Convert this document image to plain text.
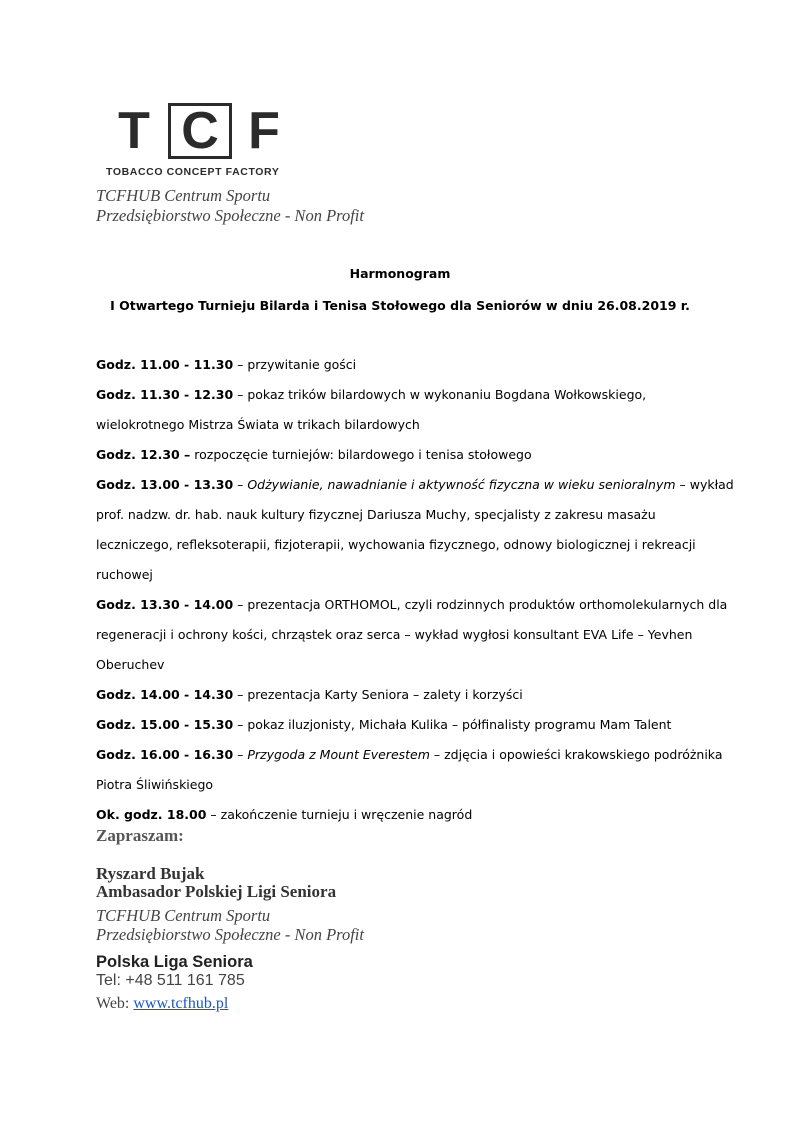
T C F
TOBACCO CONCEPT FACTORY
TCFHUB Centrum Sportu
Przedsiębiorstwo Społeczne - Non Profit
Harmonogram
I Otwartego Turnieju Bilarda i Tenisa Stołowego dla Seniorów w dniu 26.08.2019 r.

Godz. 11.00 - 11.30 – przywitanie gości

Godz. 11.30 - 12.30 – pokaz trików bilardowych w wykonaniu Bogdana Wołkowskiego, wielokrotnego Mistrza Świata w trikach bilardowych

Godz. 12.30 – rozpoczęcie turniejów: bilardowego i tenisa stołowego

Godz. 13.00 - 13.30 – Odżywianie, nawadnianie i aktywność fizyczna w wieku senioralnym – wykład prof. nadzw. dr. hab. nauk kultury fizycznej Dariusza Muchy, specjalisty z zakresu masażu leczniczego, refleksoterapii, fizjoterapii, wychowania fizycznego, odnowy biologicznej i rekreacji ruchowej

Godz. 13.30 - 14.00 – prezentacja ORTHOMOL, czyli rodzinnych produktów orthomolekularnych dla regeneracji i ochrony kości, chrząstek oraz serca – wykład wygłosi konsultant EVA Life – Yevhen Oberuchev

Godz. 14.00 - 14.30 – prezentacja Karty Seniora – zalety i korzyści

Godz. 15.00 - 15.30 – pokaz iluzjonisty, Michała Kulika – półfinalisty programu Mam Talent

Godz. 16.00 - 16.30 – Przygoda z Mount Everestem – zdjęcia i opowieści krakowskiego podróżnika Piotra Śliwińskiego

Ok. godz. 18.00 – zakończenie turnieju i wręczenie nagród

Zapraszam:
Ryszard Bujak
Ambasador Polskiej Ligi Seniora
TCFHUB Centrum Sportu
Przedsiębiorstwo Społeczne - Non Profit
Polska Liga Seniora
Tel: +48 511 161 785
Web: www.tcfhub.pl
